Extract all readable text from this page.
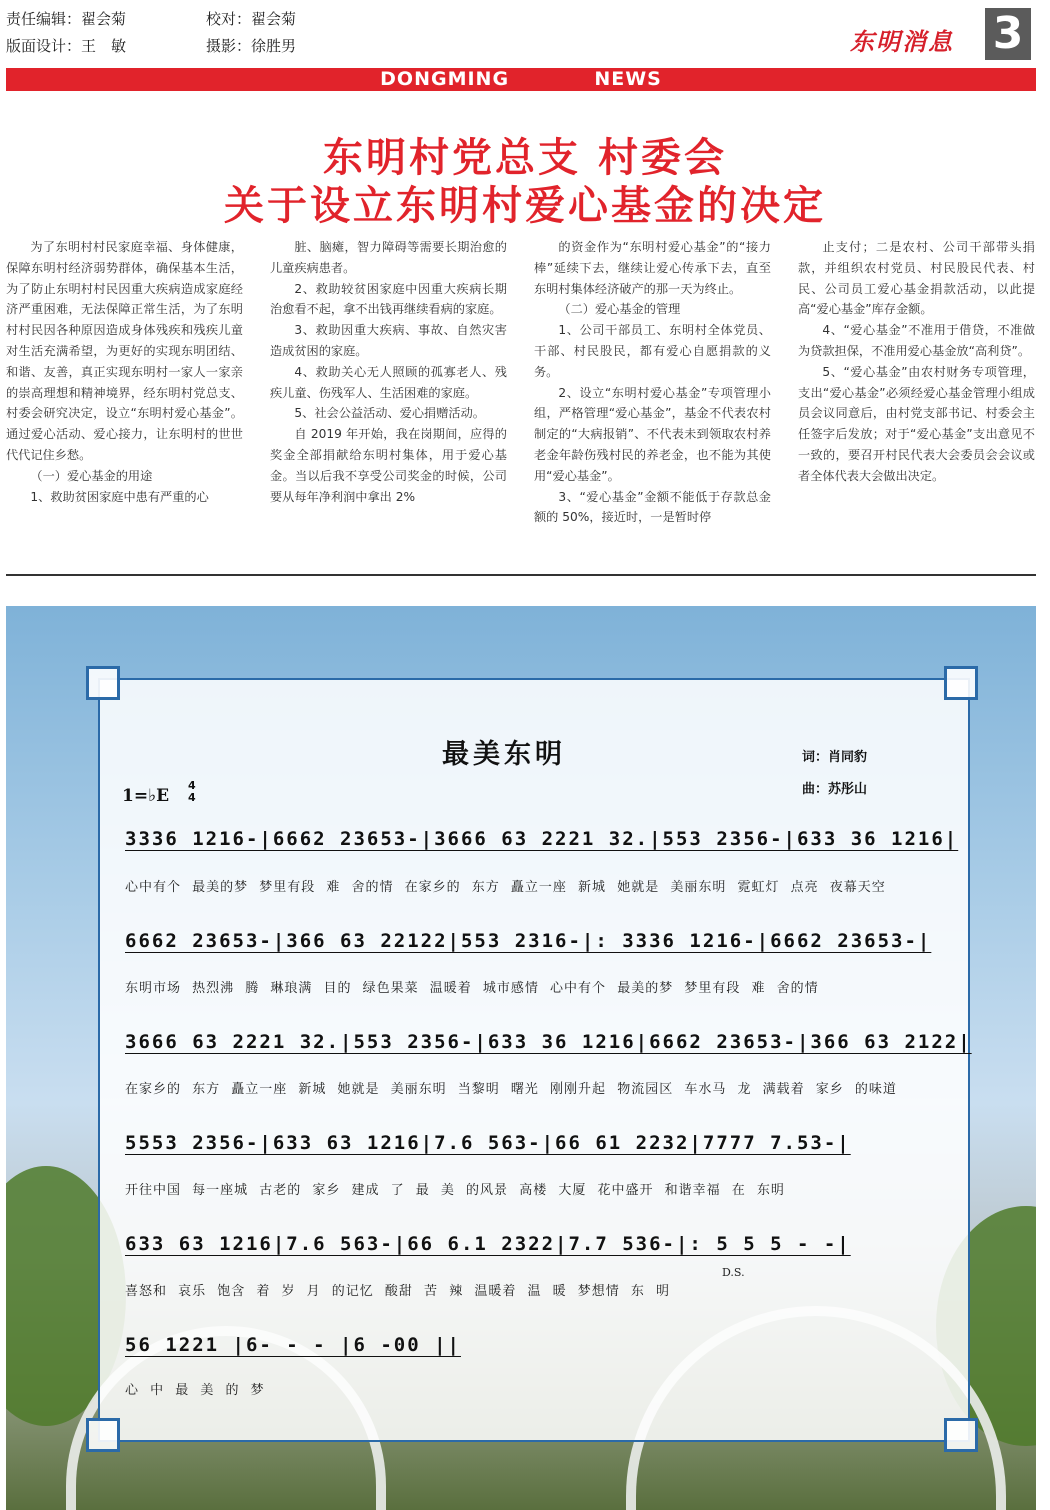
责任编辑：翟会菊
版面设计：王　敏
校对：翟会菊
摄影：徐胜男	东明消息 3
DONGMING	NEWS
东明村党总支 村委会
关于设立东明村爱心基金的决定

为了东明村村民家庭幸福、身体健康，保障东明村经济弱势群体，确保基本生活，为了防止东明村村民因重大疾病造成家庭经济严重困难，无法保障正常生活，为了东明村村民因各种原因造成身体残疾和残疾儿童对生活充满希望，为更好的实现东明团结、和谐、友善，真正实现东明村一家人一家亲的崇高理想和精神境界，经东明村党总支、村委会研究决定，设立“东明村爱心基金”。通过爱心活动、爱心接力，让东明村的世世代代记住乡愁。

（一）爱心基金的用途

1、救助贫困家庭中患有严重的心

脏、脑瘫，智力障碍等需要长期治愈的儿童疾病患者。

2、救助较贫困家庭中因重大疾病长期治愈看不起，拿不出钱再继续看病的家庭。

3、救助因重大疾病、事故、自然灾害造成贫困的家庭。

4、救助关心无人照顾的孤寡老人、残疾儿童、伤残军人、生活困难的家庭。

5、社会公益活动、爱心捐赠活动。

自 2019 年开始，我在岗期间，应得的奖金全部捐献给东明村集体，用于爱心基金。当以后我不享受公司奖金的时候，公司要从每年净利润中拿出 2%

的资金作为“东明村爱心基金”的“接力棒”延续下去，继续让爱心传承下去，直至东明村集体经济破产的那一天为终止。

（二）爱心基金的管理

1、公司干部员工、东明村全体党员、干部、村民股民，都有爱心自愿捐款的义务。

2、设立“东明村爱心基金”专项管理小组，严格管理“爱心基金”，基金不代表农村制定的“大病报销”、不代表未到领取农村养老金年龄伤残村民的养老金，也不能为其使用“爱心基金”。

3、“爱心基金”金额不能低于存款总金额的 50%，接近时，一是暂时停

止支付；二是农村、公司干部带头捐款，并组织农村党员、村民股民代表、村民、公司员工爱心基金捐款活动，以此提高“爱心基金”库存金额。

4、“爱心基金”不准用于借贷，不准做为贷款担保，不准用爱心基金放“高利贷”。

5、“爱心基金”由农村财务专项管理，支出“爱心基金”必须经爱心基金管理小组成员会议同意后，由村党支部书记、村委会主任签字后发放；对于“爱心基金”支出意见不一致的，要召开村民代表大会委员会会议或者全体代表大会做出决定。

最美东明	词：肖同豹
曲：苏彤山
1=♭E
4
4
3336 1216-|6662 23653-|3666 63 2221 32.|553 2356-|633 36 1216|
心中有个 最美的梦 梦里有段 难 舍的情 在家乡的 东方 矗立一座 新城 她就是 美丽东明 霓虹灯 点亮 夜幕天空
6662 23653-|366 63 22122|553 2316-|: 3336 1216-|6662 23653-|
东明市场 热烈沸 腾 琳琅满 目的 绿色果菜 温暖着 城市感情 心中有个 最美的梦 梦里有段 难 舍的情
3666 63 2221 32.|553 2356-|633 36 1216|6662 23653-|366 63 2122|
在家乡的 东方 矗立一座 新城 她就是 美丽东明 当黎明 曙光 刚刚升起 物流园区 车水马 龙 满载着 家乡 的味道
5553 2356-|633 63 1216|7.6 563-|66 61 2232|7777 7.53-|
开往中国 每一座城 古老的 家乡 建成 了 最 美 的风景 高楼 大厦 花中盛开 和谐幸福 在 东明
633 63 1216|7.6 563-|66 6.1 2322|7.7 536-|: 5 5 5 - -|
喜怒和 哀乐 饱含 着 岁 月 的记忆 酸甜 苦 辣 温暖着 温 暖 梦想情 东 明
D.S.
56 1221 |6- - - |6 -00 ||
心 中 最 美 的 梦
